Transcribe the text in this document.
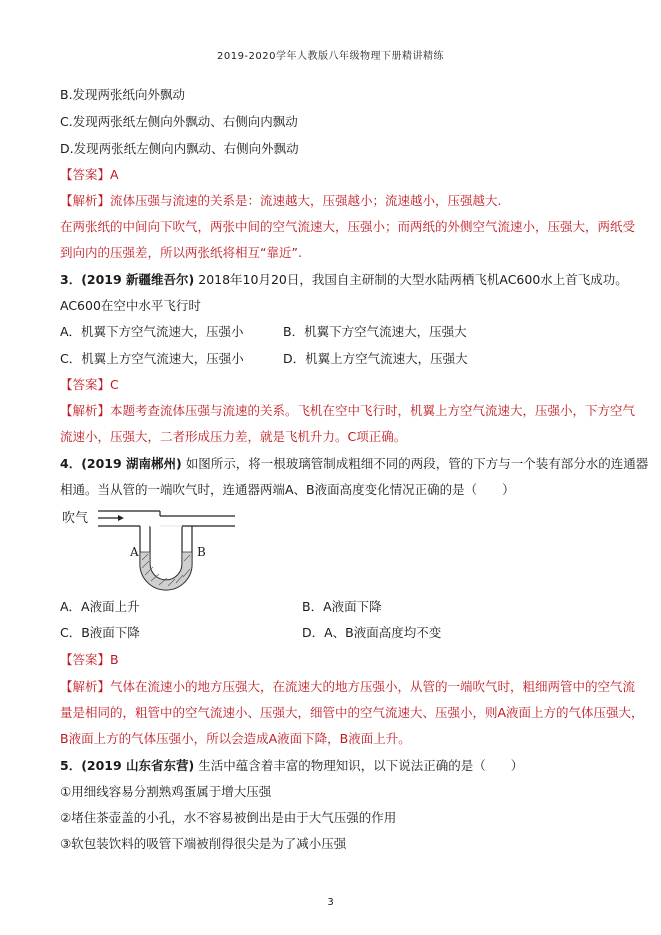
2019-2020学年人教版八年级物理下册精讲精练
B.发现两张纸向外飘动
C.发现两张纸左侧向外飘动、右侧向内飘动
D.发现两张纸左侧向内飘动、右侧向外飘动
【答案】A
【解析】流体压强与流速的关系是：流速越大，压强越小；流速越小，压强越大.
在两张纸的中间向下吹气，两张中间的空气流速大，压强小；而两纸的外侧空气流速小，压强大，两纸受
到向内的压强差，所以两张纸将相互“靠近”.
3．(2019 新疆维吾尔) 2018年10月20日，我国自主研制的大型水陆两栖飞机AC600水上首飞成功。
AC600在空中水平飞行时
A．机翼下方空气流速大，压强小	B．机翼下方空气流速大，压强大
C．机翼上方空气流速大，压强小	D．机翼上方空气流速大，压强大
【答案】C
【解析】本题考查流体压强与流速的关系。飞机在空中飞行时，机翼上方空气流速大，压强小，下方空气
流速小，压强大，二者形成压力差，就是飞机升力。C项正确。
4．(2019 湖南郴州) 如图所示，将一根玻璃管制成粗细不同的两段，管的下方与一个装有部分水的连通器
相通。当从管的一端吹气时，连通器两端A、B液面高度变化情况正确的是（　　）
吹气
A	B
A．A液面上升	B．A液面下降
C．B液面下降	D．A、B液面高度均不变
【答案】B
【解析】气体在流速小的地方压强大，在流速大的地方压强小，从管的一端吹气时，粗细两管中的空气流
量是相同的，粗管中的空气流速小、压强大，细管中的空气流速大、压强小，则A液面上方的气体压强大，
B液面上方的气体压强小，所以会造成A液面下降，B液面上升。
5．(2019 山东省东营) 生活中蕴含着丰富的物理知识，以下说法正确的是（　　）
①用细线容易分割熟鸡蛋属于增大压强
②堵住茶壶盖的小孔，水不容易被倒出是由于大气压强的作用
③软包装饮料的吸管下端被削得很尖是为了减小压强
3
